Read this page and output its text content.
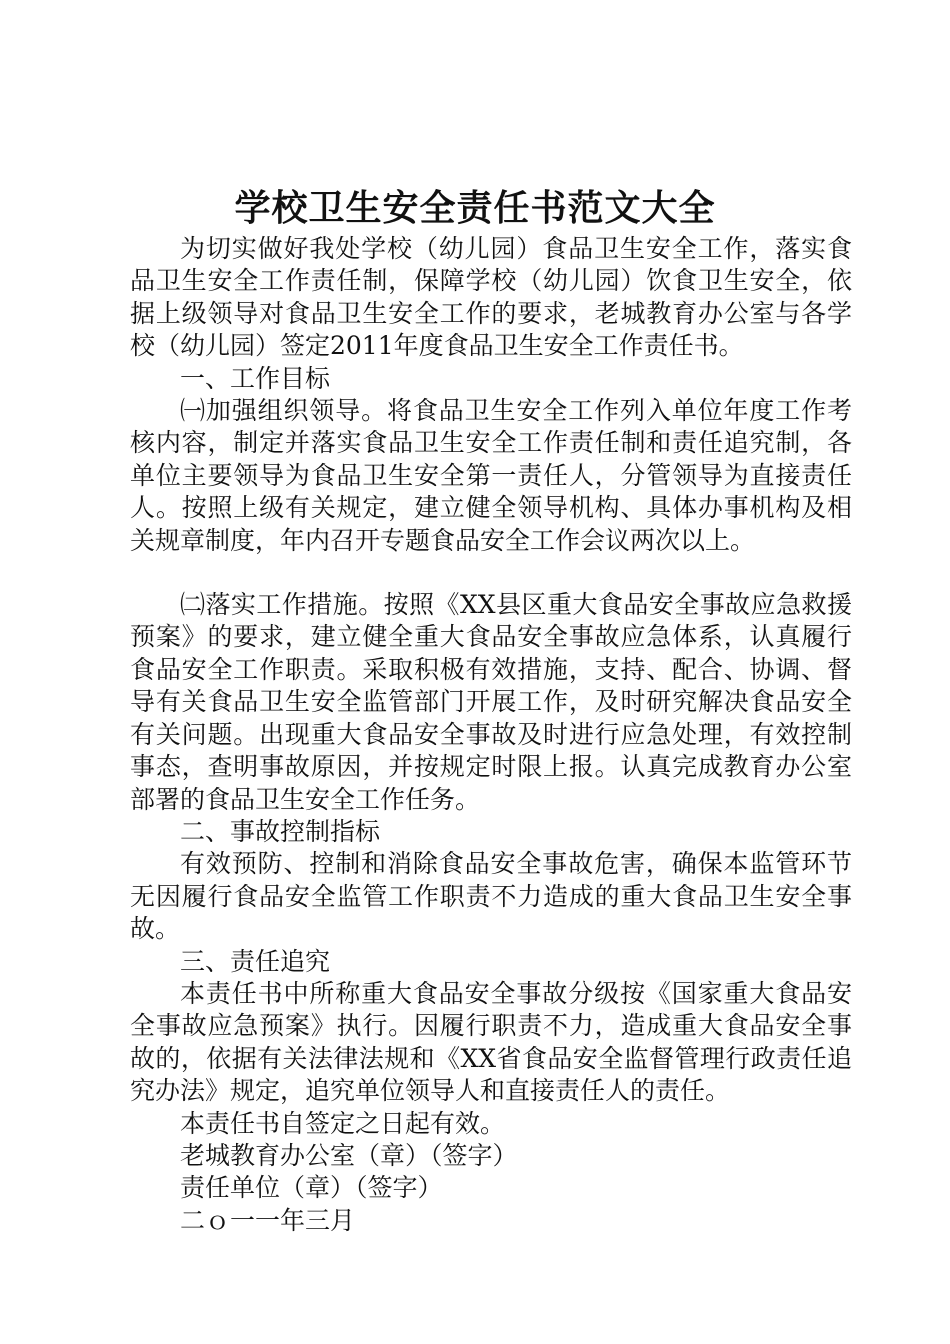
学校卫生安全责任书范文大全

为切实做好我处学校（幼儿园）食品卫生安全工作，落实食品卫生安全工作责任制，保障学校（幼儿园）饮食卫生安全，依据上级领导对食品卫生安全工作的要求，老城教育办公室与各学校（幼儿园）签定2011年度食品卫生安全工作责任书。

一、工作目标

㈠加强组织领导。将食品卫生安全工作列入单位年度工作考核内容，制定并落实食品卫生安全工作责任制和责任追究制，各单位主要领导为食品卫生安全第一责任人，分管领导为直接责任人。按照上级有关规定，建立健全领导机构、具体办事机构及相关规章制度，年内召开专题食品安全工作会议两次以上。

㈡落实工作措施。按照《XX县区重大食品安全事故应急救援预案》的要求，建立健全重大食品安全事故应急体系，认真履行食品安全工作职责。采取积极有效措施，支持、配合、协调、督导有关食品卫生安全监管部门开展工作，及时研究解决食品安全有关问题。出现重大食品安全事故及时进行应急处理，有效控制事态，查明事故原因，并按规定时限上报。认真完成教育办公室部署的食品卫生安全工作任务。

二、事故控制指标

有效预防、控制和消除食品安全事故危害，确保本监管环节无因履行食品安全监管工作职责不力造成的重大食品卫生安全事故。

三、责任追究

本责任书中所称重大食品安全事故分级按《国家重大食品安全事故应急预案》执行。因履行职责不力，造成重大食品安全事故的，依据有关法律法规和《XX省食品安全监督管理行政责任追究办法》规定，追究单位领导人和直接责任人的责任。

本责任书自签定之日起有效。

老城教育办公室（章）（签字）

责任单位（章）（签字）

二ｏ一一年三月
